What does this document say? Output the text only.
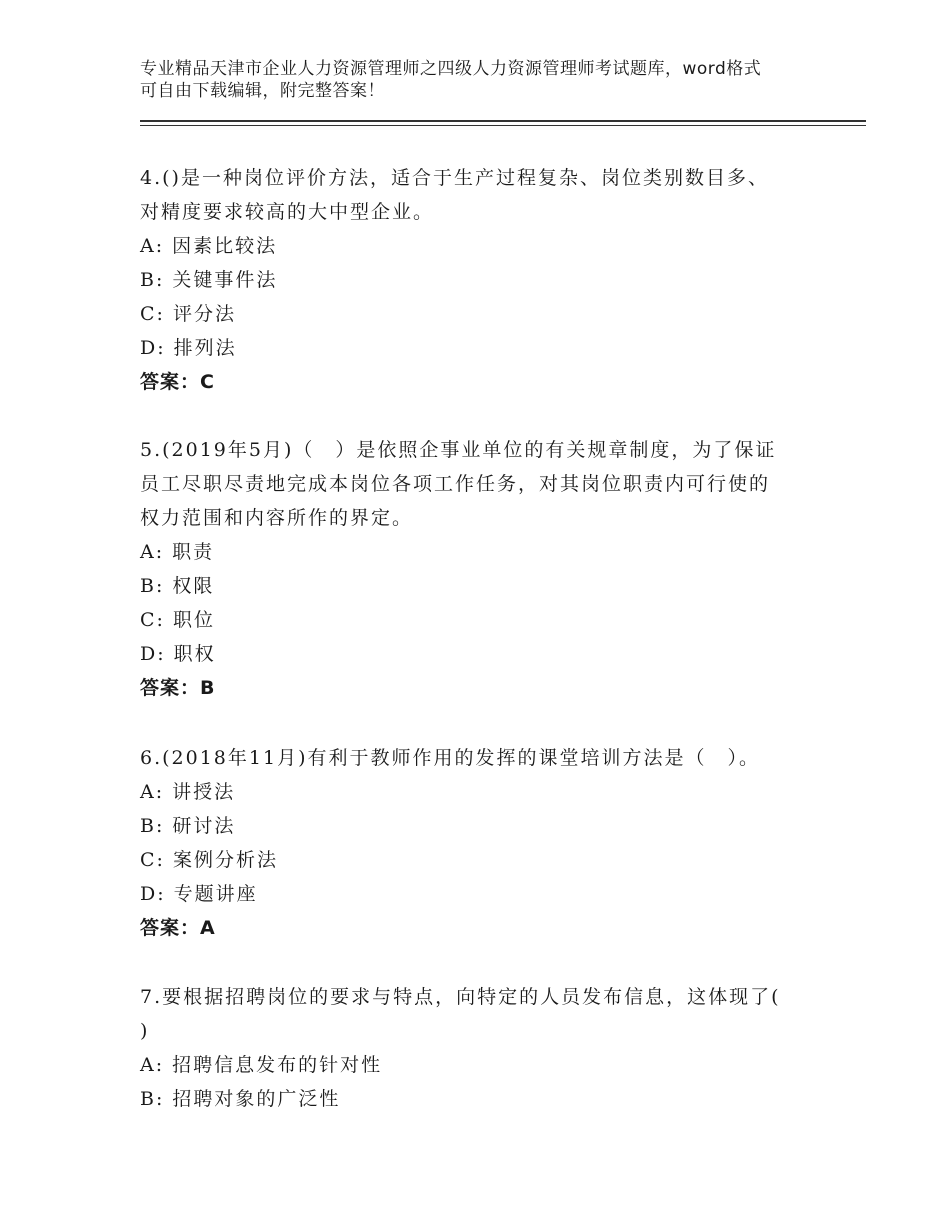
专业精品天津市企业人力资源管理师之四级人力资源管理师考试题库，word格式
可自由下载编辑，附完整答案！
4.()是一种岗位评价方法，适合于生产过程复杂、岗位类别数目多、
对精度要求较高的大中型企业。
A: 因素比较法
B: 关键事件法
C: 评分法
D: 排列法
答案：C
5.(2019年5月)（　）是依照企事业单位的有关规章制度，为了保证
员工尽职尽责地完成本岗位各项工作任务，对其岗位职责内可行使的
权力范围和内容所作的界定。
A: 职责
B: 权限
C: 职位
D: 职权
答案：B
6.(2018年11月)有利于教师作用的发挥的课堂培训方法是（　）。
A: 讲授法
B: 研讨法
C: 案例分析法
D: 专题讲座
答案：A
7.要根据招聘岗位的要求与特点，向特定的人员发布信息，这体现了(
)
A: 招聘信息发布的针对性
B: 招聘对象的广泛性
